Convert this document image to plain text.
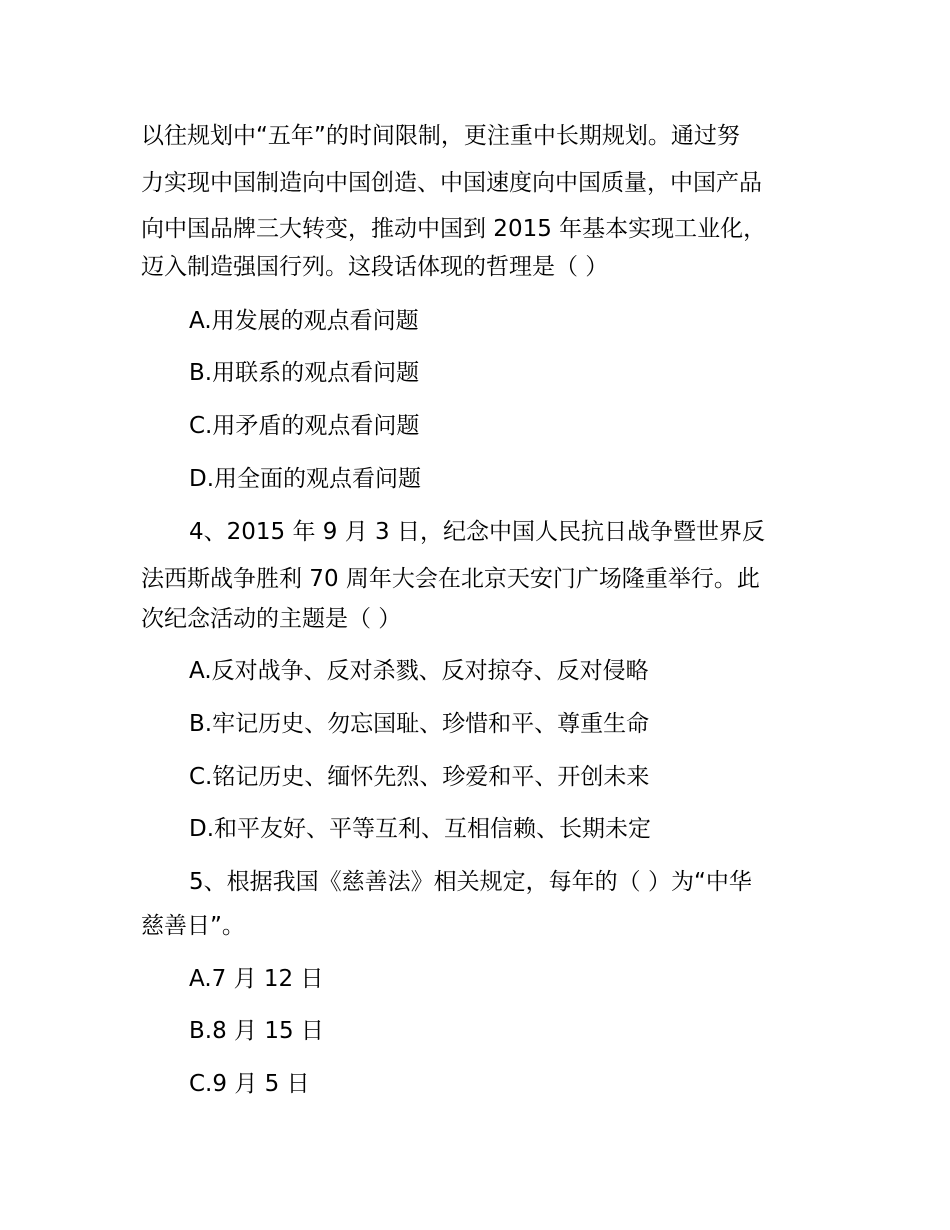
以往规划中“五年”的时间限制，更注重中长期规划。通过努

力实现中国制造向中国创造、中国速度向中国质量，中国产品

向中国品牌三大转变，推动中国到 2015 年基本实现工业化，

迈入制造强国行列。这段话体现的哲理是（ ）

A.用发展的观点看问题

B.用联系的观点看问题

C.用矛盾的观点看问题

D.用全面的观点看问题

4、2015 年 9 月 3 日，纪念中国人民抗日战争暨世界反

法西斯战争胜利 70 周年大会在北京天安门广场隆重举行。此

次纪念活动的主题是（ ）

A.反对战争、反对杀戮、反对掠夺、反对侵略

B.牢记历史、勿忘国耻、珍惜和平、尊重生命

C.铭记历史、缅怀先烈、珍爱和平、开创未来

D.和平友好、平等互利、互相信赖、长期未定

5、根据我国《慈善法》相关规定，每年的（ ）为“中华

慈善日”。

A.7 月 12 日

B.8 月 15 日

C.9 月 5 日
